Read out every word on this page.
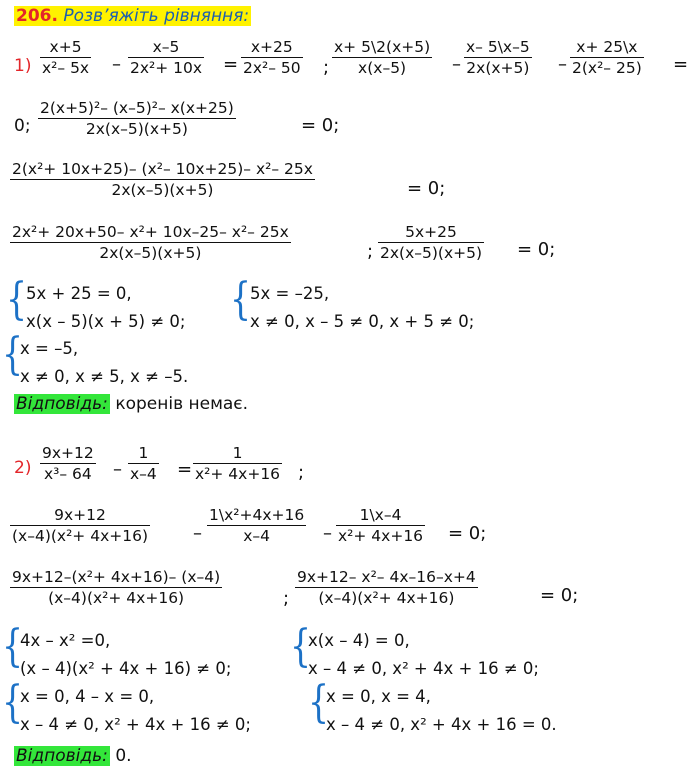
206. Розв’яжіть рівняння:
1)
x+5
x²– 5x –
x–5
2x²+ 10x =
x+25
2x²– 50 ;
x+ 5\2(x+5)
x(x–5)	–
x– 5\x–5
2x(x+5) –
x+ 25\x
2(x²– 25) =
0;
2(x+5)²– (x–5)²– x(x+25)
2x(x–5)(x+5)	= 0;
2(x²+ 10x+25)– (x²– 10x+25)– x²– 25x
2x(x–5)(x+5)	= 0;
2x²+ 20x+50– x²+ 10x–25– x²– 25x
2x(x–5)(x+5)	;
5x+25
2x(x–5)(x+5) = 0;
{ 5x + 25 = 0,
x(x – 5)(x + 5) ≠ 0; { 5x = –25,
x ≠ 0, x – 5 ≠ 0, x + 5 ≠ 0;
{
x = –5,
x ≠ 0, x ≠ 5, x ≠ –5.
Відповідь: коренів немає.
2)
9x+12
x³– 64 –
1
x–4 =
1
x²+ 4x+16 ;
9x+12
(x–4)(x²+ 4x+16) –
1\x²+4x+16
x–4	–
1\x–4
x²+ 4x+16 = 0;
9x+12–(x²+ 4x+16)– (x–4)
(x–4)(x²+ 4x+16)	;
9x+12– x²– 4x–16–x+4
(x–4)(x²+ 4x+16)	= 0;
{
4x – x² =0,
(x – 4)(x² + 4x + 16) ≠ 0; {
x(x – 4) = 0,
x – 4 ≠ 0, x² + 4x + 16 ≠ 0;
{
x = 0, 4 – x = 0,
x – 4 ≠ 0, x² + 4x + 16 ≠ 0; {
x = 0, x = 4,
x – 4 ≠ 0, x² + 4x + 16 = 0.
Відповідь: 0.
